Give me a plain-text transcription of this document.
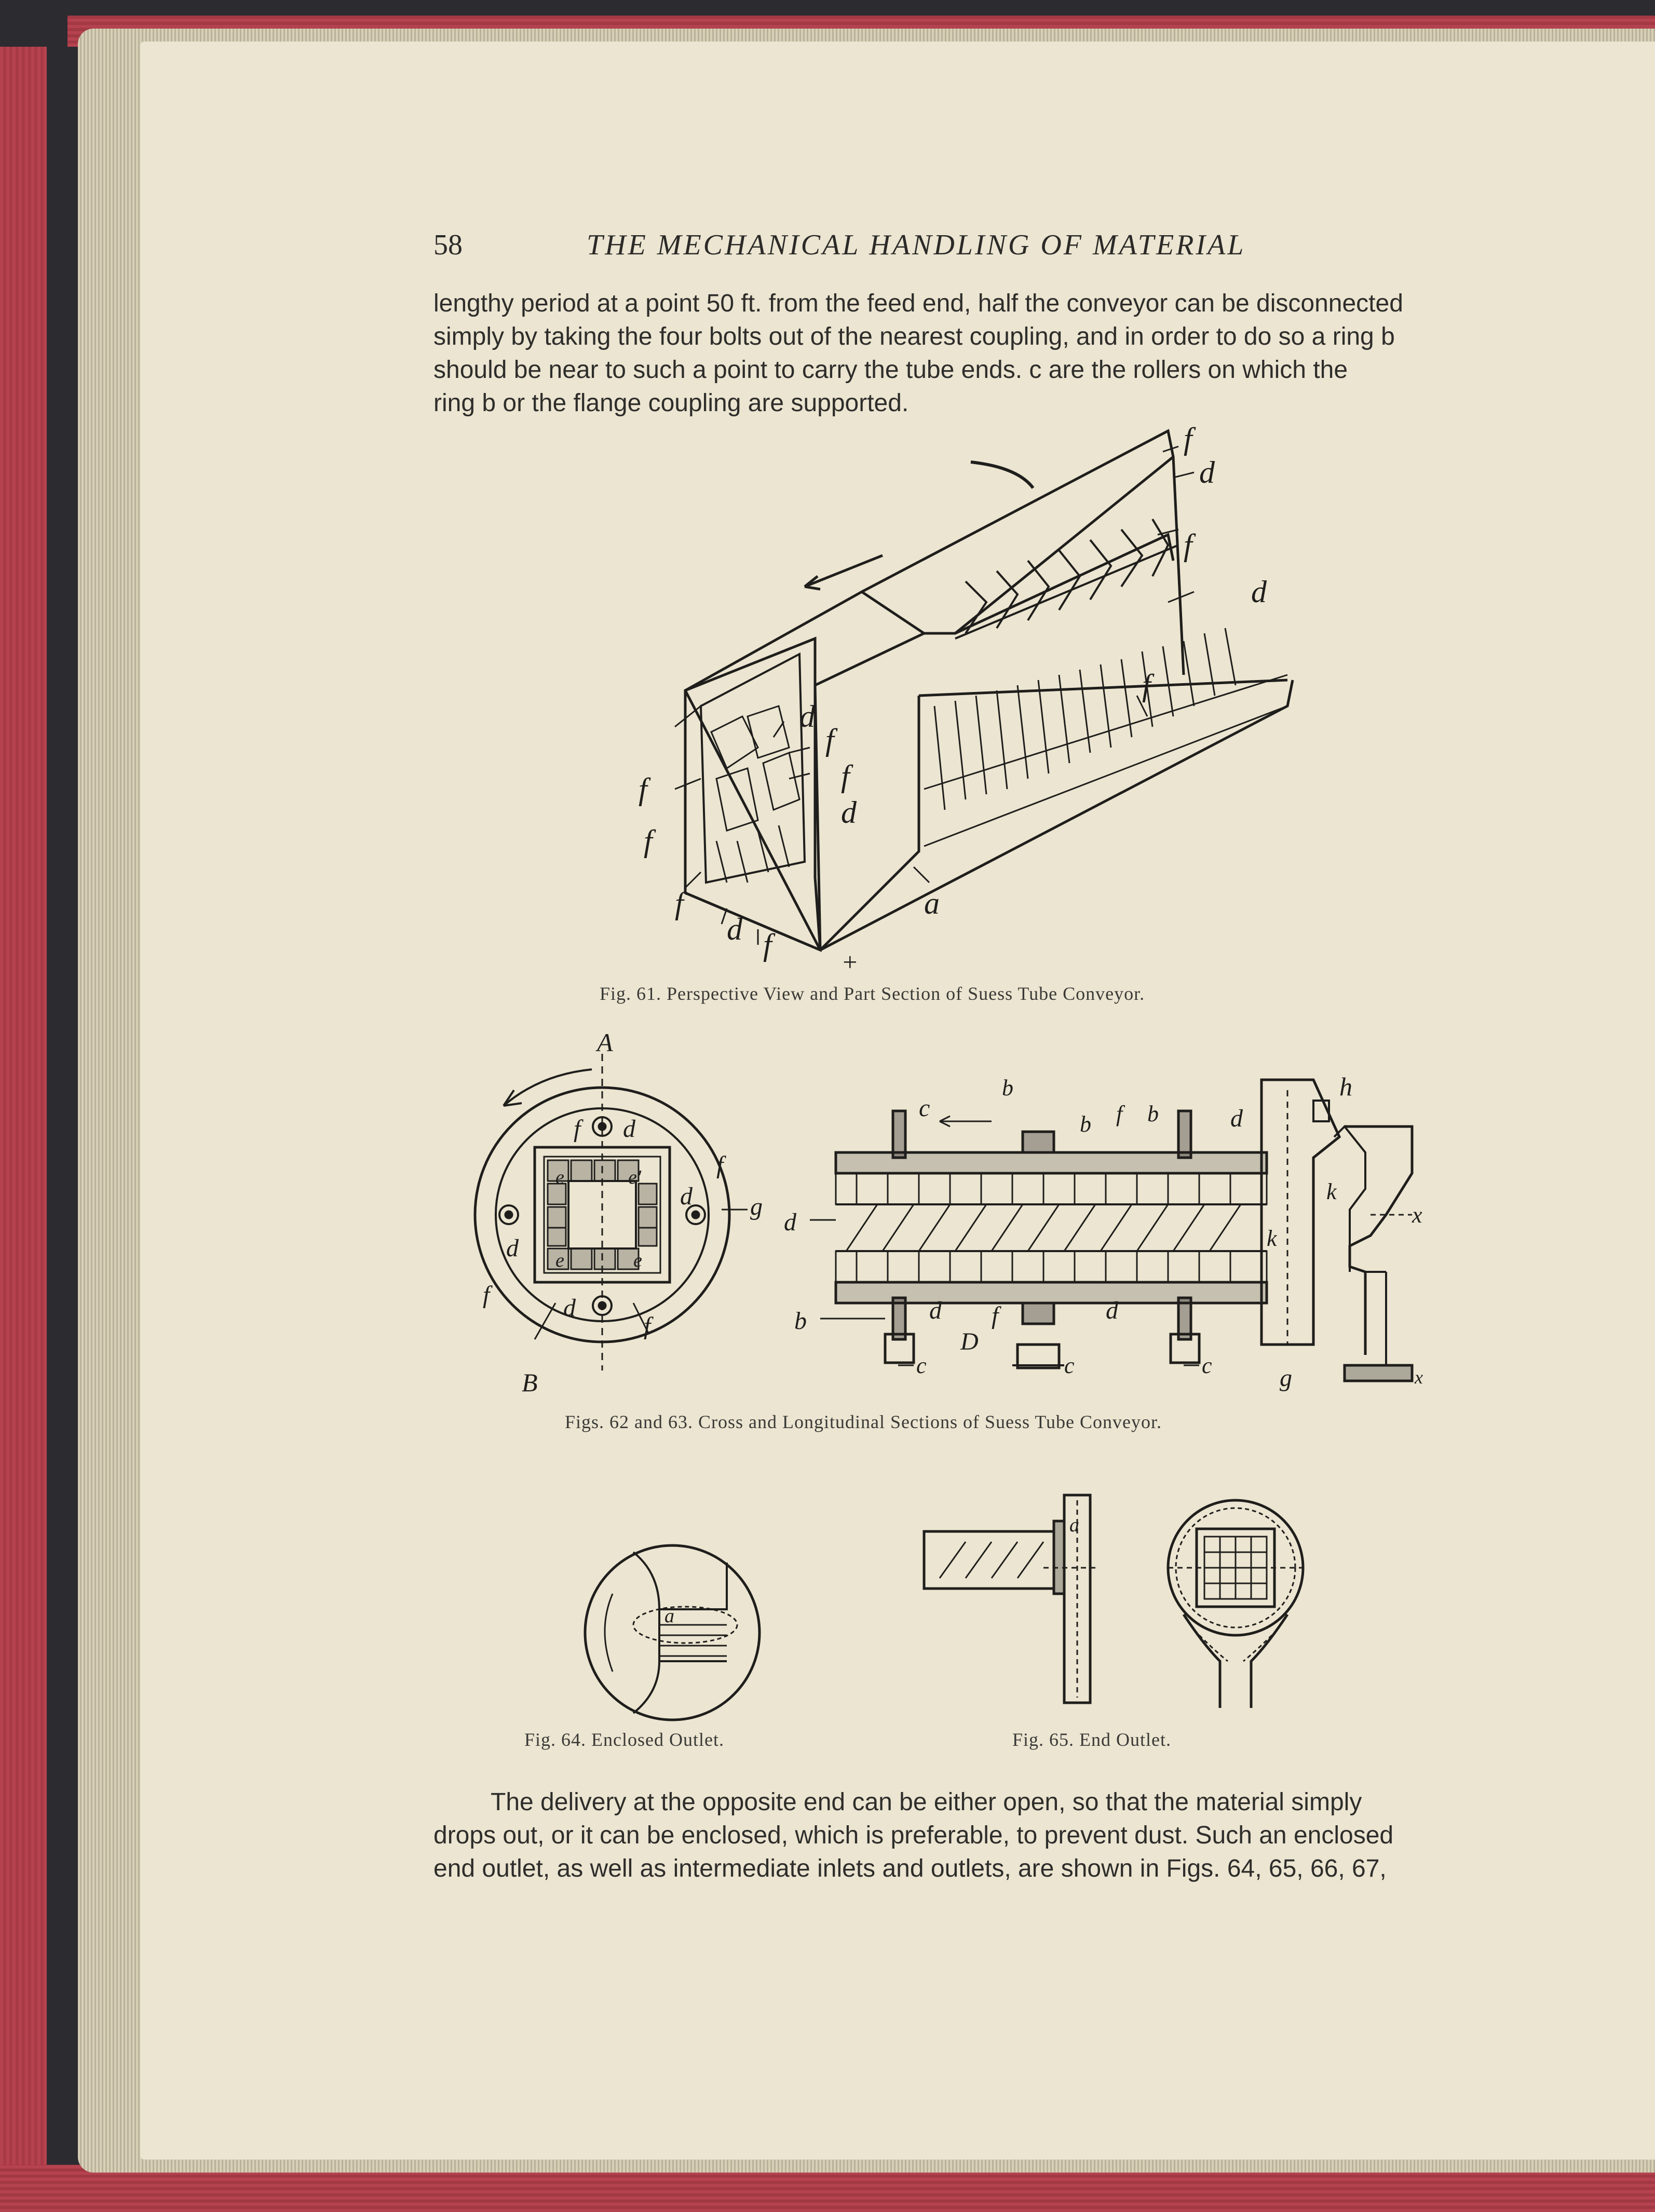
58	THE MECHANICAL HANDLING OF MATERIAL
lengthy period at a point 50 ft. from the feed end, half the conveyor can be disconnected
simply by taking the four bolts out of the nearest coupling, and in order to do so a ring b
should be near to such a point to carry the tube ends. c are the rollers on which the
ring b or the flange coupling are supported.
f
d
f
d
d
f
f
d
f
f
f
d f
a
+
f
Fig. 61. Perspective View and Part Section of Suess Tube Conveyor.
A
f d
e	e'	f
d
d e	e
f	d
f
B
g
c
b
b f b	d
h
d
k
k
x
b	d f	d
D
c	c	c	g	x
Figs. 62 and 63. Cross and Longitudinal Sections of Suess Tube Conveyor.
a
Fig. 64. Enclosed Outlet.
a
Fig. 65. End Outlet.
The delivery at the opposite end can be either open, so that the material simply
drops out, or it can be enclosed, which is preferable, to prevent dust. Such an enclosed
end outlet, as well as intermediate inlets and outlets, are shown in Figs. 64, 65, 66, 67,
